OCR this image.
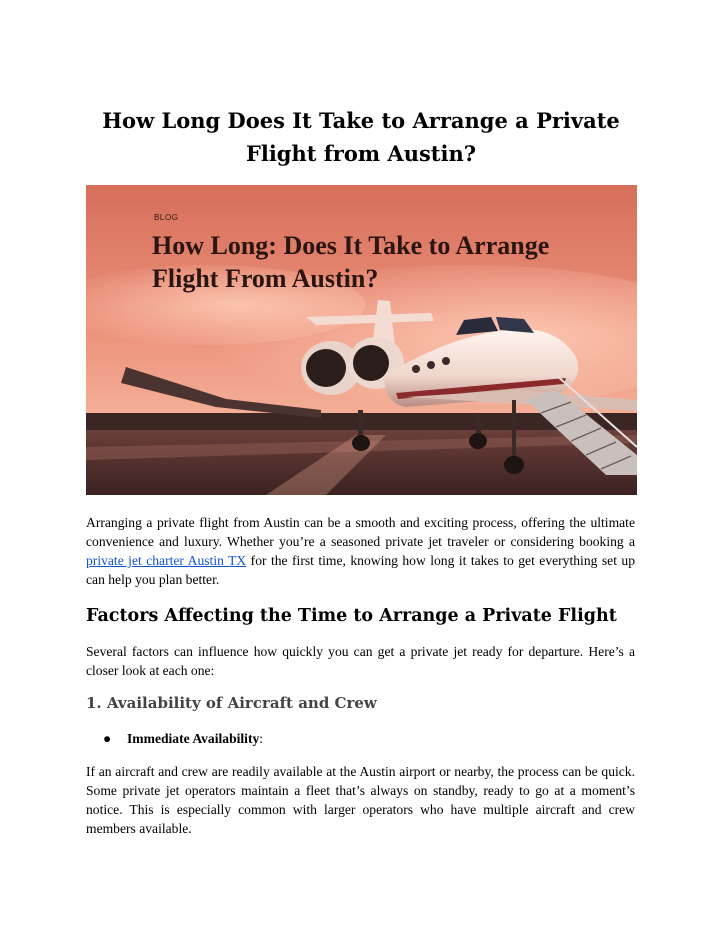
How Long Does It Take to Arrange a Private Flight from Austin?
BLOG
How Long: Does It Take to Arrange Flight From Austin?

Arranging a private flight from Austin can be a smooth and exciting process, offering the ultimate convenience and luxury. Whether you’re a seasoned private jet traveler or considering booking a private jet charter Austin TX for the first time, knowing how long it takes to get everything set up can help you plan better.

Factors Affecting the Time to Arrange a Private Flight

Several factors can influence how quickly you can get a private jet ready for departure. Here’s a closer look at each one:

1. Availability of Aircraft and Crew

● Immediate Availability:

If an aircraft and crew are readily available at the Austin airport or nearby, the process can be quick. Some private jet operators maintain a fleet that’s always on standby, ready to go at a moment’s notice. This is especially common with larger operators who have multiple aircraft and crew members available.
